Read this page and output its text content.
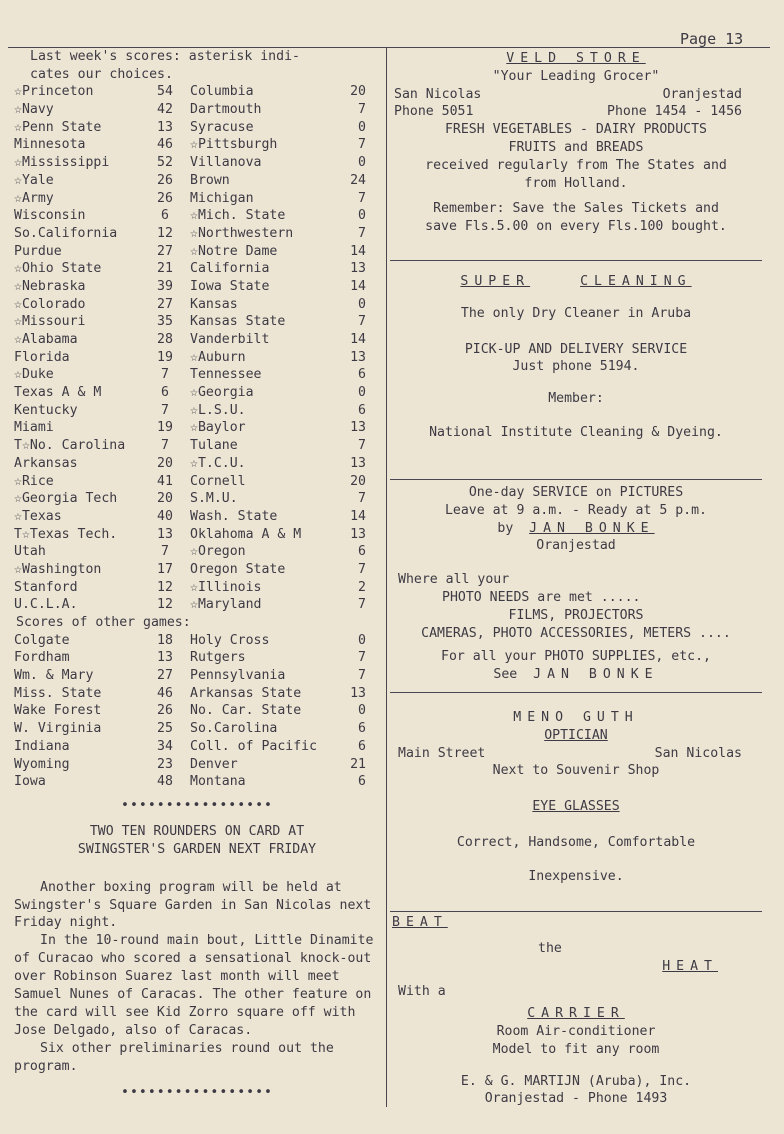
Page 13
Last week's scores: asterisk indi-
cates our choices.
☆Princeton	54	Columbia	20
☆Navy	42	Dartmouth	7
☆Penn State	13	Syracuse	0
Minnesota	46	☆Pittsburgh	7
☆Mississippi	52	Villanova	0
☆Yale	26	Brown	24
☆Army	26	Michigan	7
Wisconsin	6	☆Mich. State	0
So.California	12	☆Northwestern	7
Purdue	27	☆Notre Dame	14
☆Ohio State	21	California	13
☆Nebraska	39	Iowa State	14
☆Colorado	27	Kansas	0
☆Missouri	35	Kansas State	7
☆Alabama	28	Vanderbilt	14
Florida	19	☆Auburn	13
☆Duke	7	Tennessee	6
Texas A & M	6	☆Georgia	0
Kentucky	7	☆L.S.U.	6
Miami	19	☆Baylor	13
T☆No. Carolina	7	Tulane	7
Arkansas	20	☆T.C.U.	13
☆Rice	41	Cornell	20
☆Georgia Tech	20	S.M.U.	7
☆Texas	40	Wash. State	14
T☆Texas Tech.	13	Oklahoma A & M	13
Utah	7	☆Oregon	6
☆Washington	17	Oregon State	7
Stanford	12	☆Illinois	2
U.C.L.A.	12	☆Maryland	7
Scores of other games:
Colgate	18	Holy Cross	0
Fordham	13	Rutgers	7
Wm. & Mary	27	Pennsylvania	7
Miss. State	46	Arkansas State	13
Wake Forest	26	No. Car. State	0
W. Virginia	25	So.Carolina	6
Indiana	34	Coll. of Pacific	6
Wyoming	23	Denver	21
Iowa	48	Montana	6
•••••••••••••••••
TWO TEN ROUNDERS ON CARD AT
SWINGSTER'S GARDEN NEXT FRIDAY

Another boxing program will be held at Swingster's Square Garden in San Nicolas next Friday night.

In the 10-round main bout, Little Dinamite of Curacao who scored a sensational knock-out over Robinson Suarez last month will meet Samuel Nunes of Caracas. The other feature on the card will see Kid Zorro square off with Jose Delgado, also of Caracas.

Six other preliminaries round out the program.

•••••••••••••••••
VELD STORE
"Your Leading Grocer"
San Nicolas	Oranjestad
Phone 5051	Phone 1454 - 1456
FRESH VEGETABLES - DAIRY PRODUCTS
FRUITS and BREADS
received regularly from The States and
from Holland.
Remember: Save the Sales Tickets and
save Fls.5.00 on every Fls.100 bought.
SUPER	CLEANING
The only Dry Cleaner in Aruba
PICK-UP AND DELIVERY SERVICE
Just phone 5194.
Member:
National Institute Cleaning & Dyeing.
One-day SERVICE on PICTURES
Leave at 9 a.m. - Ready at 5 p.m.
by JAN BONKE
Oranjestad
Where all your
PHOTO NEEDS are met .....
FILMS, PROJECTORS
CAMERAS, PHOTO ACCESSORIES, METERS ....
For all your PHOTO SUPPLIES, etc.,
See JAN BONKE
MENO GUTH
OPTICIAN
Main Street	San Nicolas
Next to Souvenir Shop
EYE GLASSES
Correct, Handsome, Comfortable
Inexpensive.
BEAT
the
HEAT
With a
CARRIER
Room Air-conditioner
Model to fit any room
E. & G. MARTIJN (Aruba), Inc.
Oranjestad - Phone 1493
